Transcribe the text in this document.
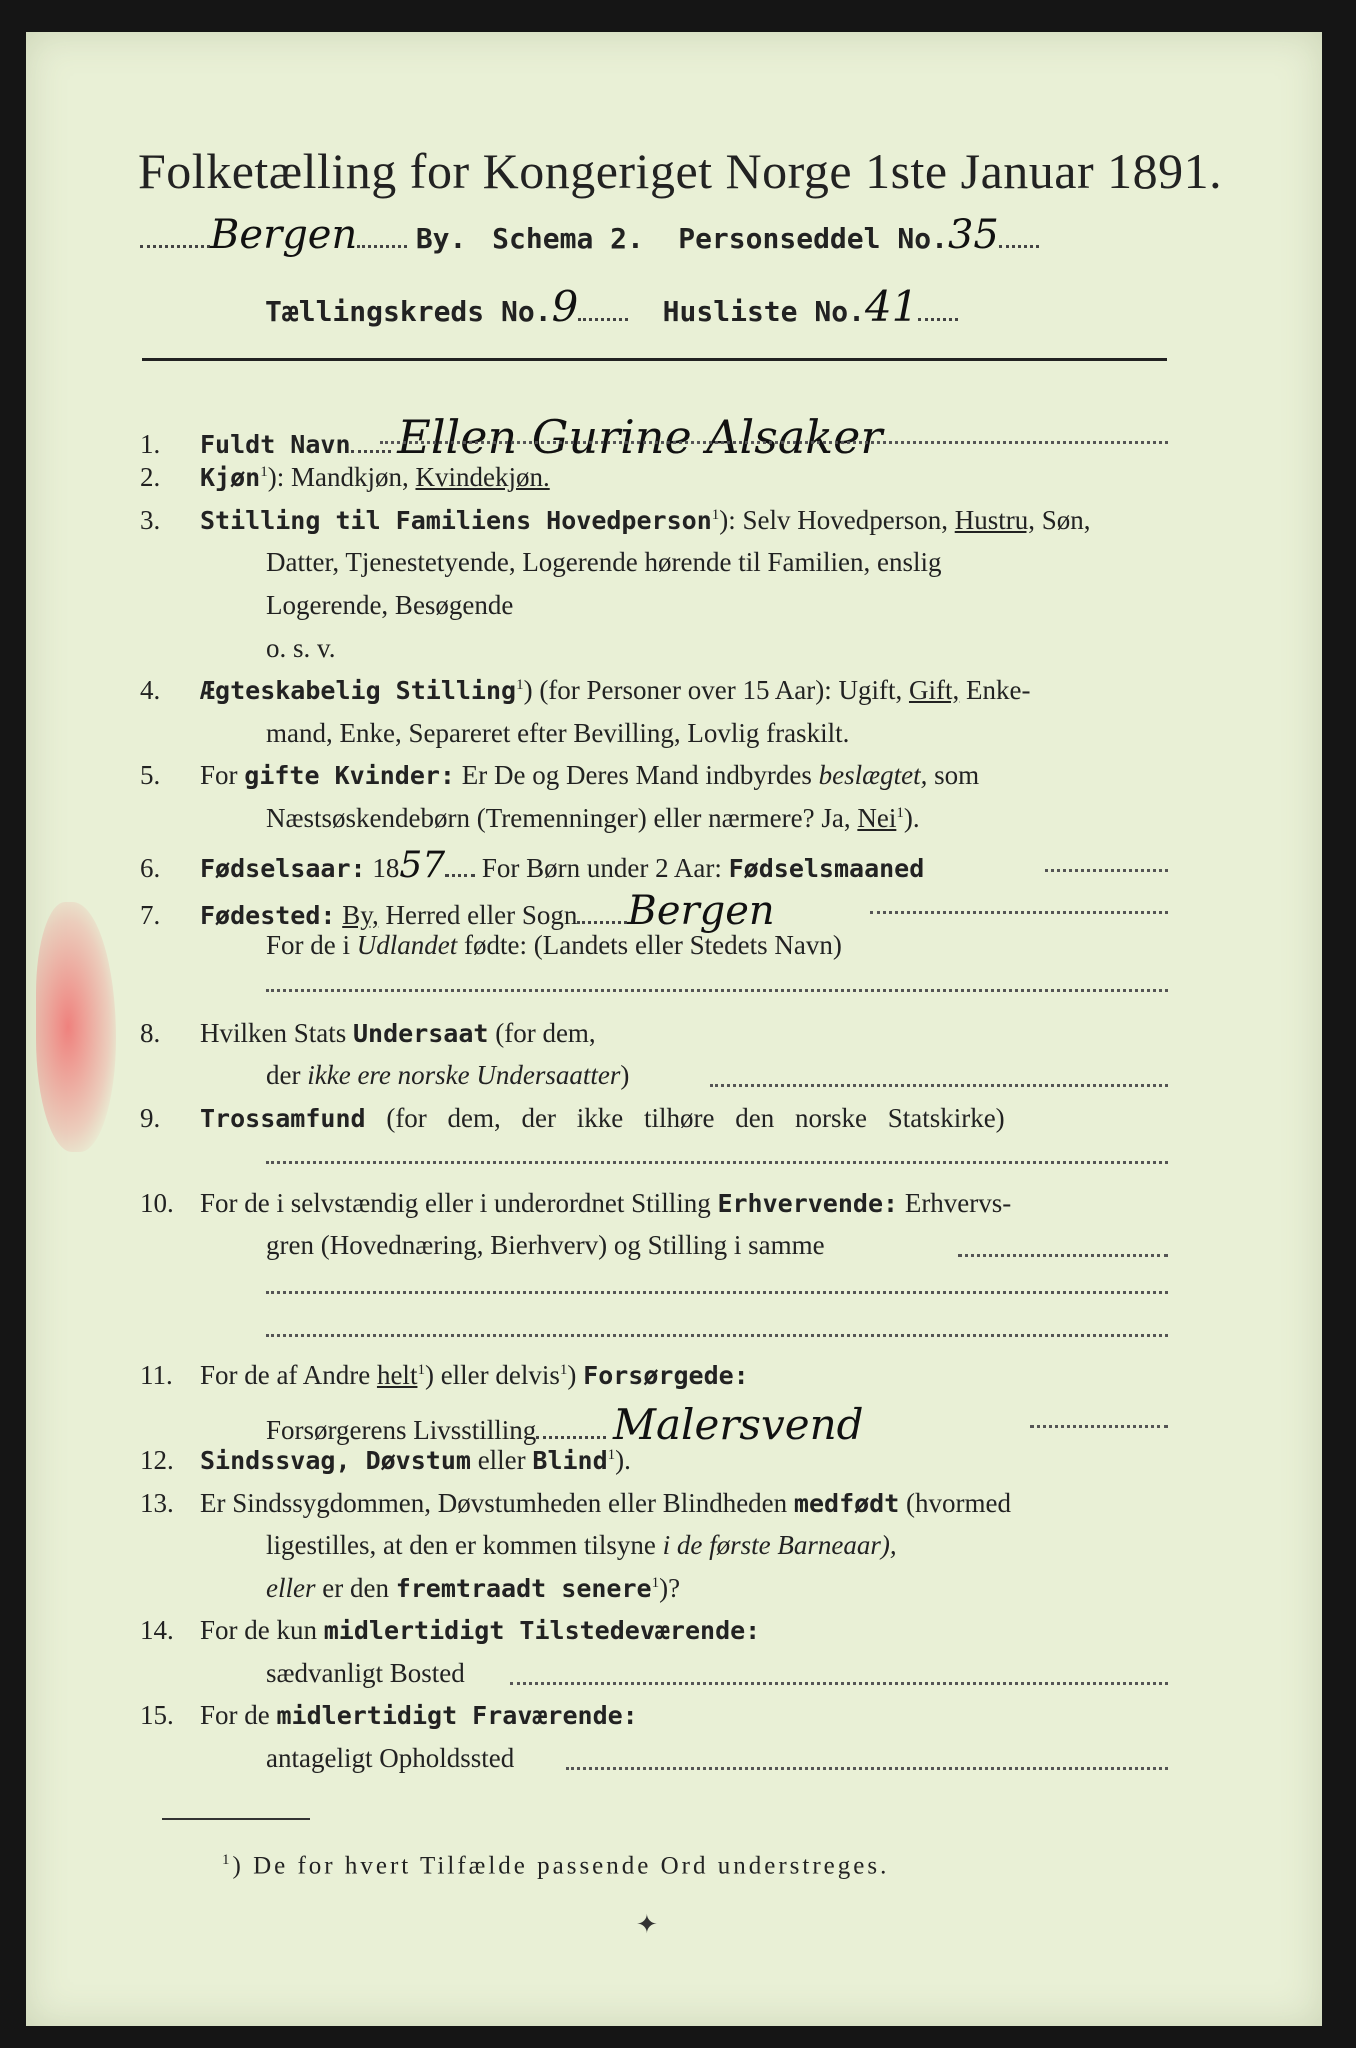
Folketælling for Kongeriget Norge 1ste Januar 1891.
Bergen By. Schema 2. Personseddel No.35
Tællingskreds No.9	Husliste No.41
1. Fuldt Navn Ellen Gurine Alsaker
2. Kjøn$^1$): Mandkjøn, Kvindekjøn.
3. Stilling til Familiens Hovedperson$^1$): Selv Hovedperson, Hustru, Søn,
Datter, Tjenestetyende, Logerende hørende til Familien, enslig
Logerende, Besøgende
o. s. v.
4. Ægteskabelig Stilling$^1$) (for Personer over 15 Aar): Ugift, Gift, Enke-
mand, Enke, Separeret efter Bevilling, Lovlig fraskilt.
5. For gifte Kvinder: Er De og Deres Mand indbyrdes beslægtet, som
Næstsøskendebørn (Tremenninger) eller nærmere? Ja, Nei$^1$).
6. Fødselsaar: 1857 For Børn under 2 Aar: Fødselsmaaned
7. Fødested: By, Herred eller Sogn Bergen
For de i Udlandet fødte: (Landets eller Stedets Navn)
8. Hvilken Stats Undersaat (for dem,
der ikke ere norske Undersaatter)
9. Trossamfund (for dem, der ikke tilhøre den norske Statskirke)
10. For de i selvstændig eller i underordnet Stilling Erhvervende: Erhvervs-
gren (Hovednæring, Bierhverv) og Stilling i samme
11. For de af Andre helt$^1$) eller delvis$^1$) Forsørgede:
Forsørgerens Livsstilling Malersvend
12. Sindssvag, Døvstum eller Blind$^1$).
13. Er Sindssygdommen, Døvstumheden eller Blindheden medfødt (hvormed
ligestilles, at den er kommen tilsyne i de første Barneaar),
eller er den fremtraadt senere$^1$)?
14. For de kun midlertidigt Tilstedeværende:
sædvanligt Bosted
15. For de midlertidigt Fraværende:
antageligt Opholdssted
$^1$) De for hvert Tilfælde passende Ord understreges.
✦
